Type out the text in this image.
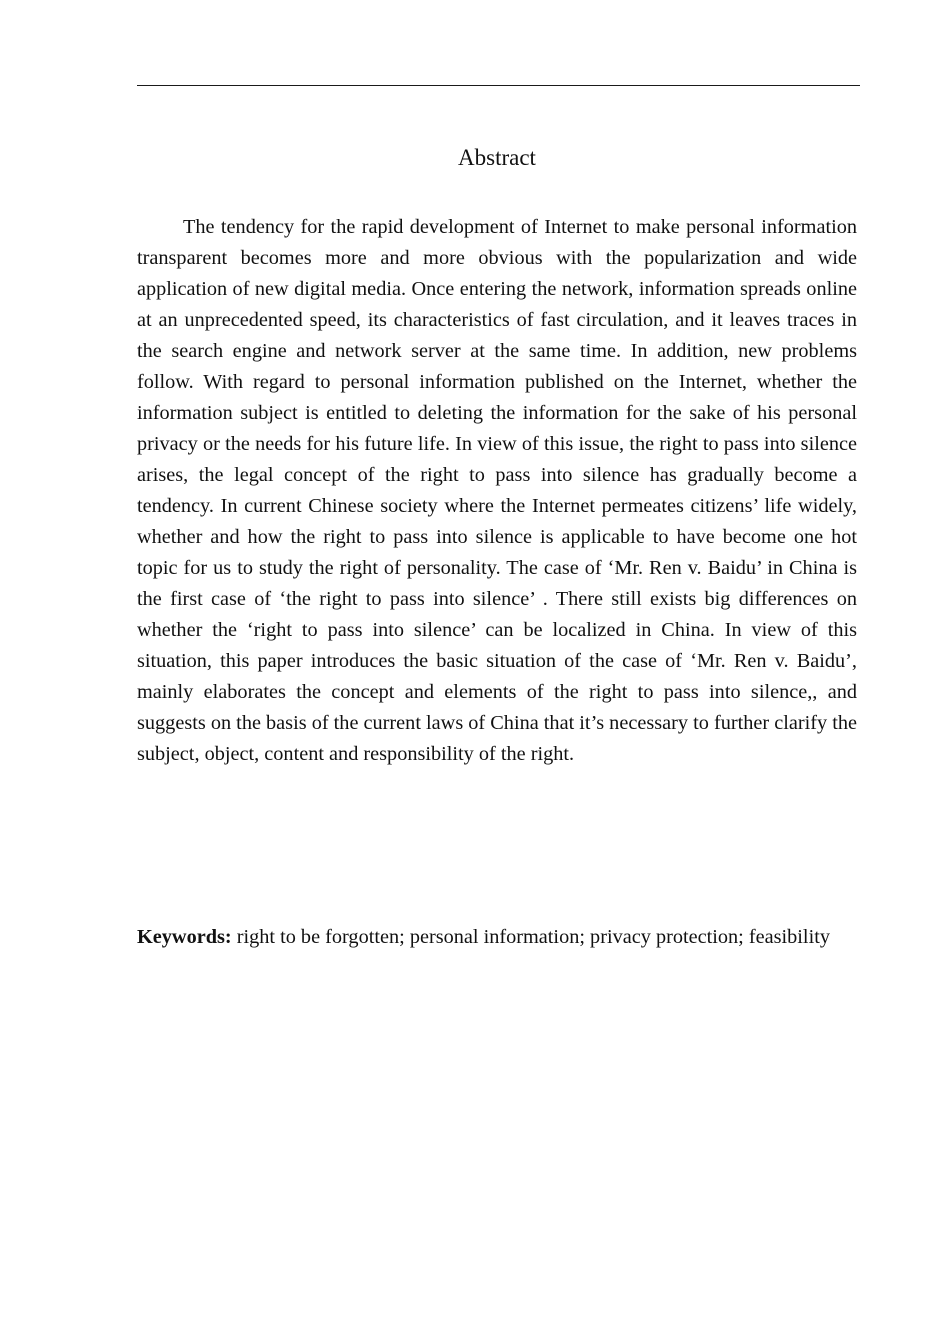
Abstract

The tendency for the rapid development of Internet to make personal information transparent becomes more and more obvious with the popularization and wide application of new digital media. Once entering the network, information spreads online at an unprecedented speed, its characteristics of fast circulation, and it leaves traces in the search engine and network server at the same time. In addition, new problems follow. With regard to personal information published on the Internet, whether the information subject is entitled to deleting the information for the sake of his personal privacy or the needs for his future life. In view of this issue, the right to pass into silence arises, the legal concept of the right to pass into silence has gradually become a tendency. In current Chinese society where the Internet permeates citizens’ life widely, whether and how the right to pass into silence is applicable to have become one hot topic for us to study the right of personality. The case of ‘Mr. Ren v. Baidu’ in China is the first case of ‘the right to pass into silence’ . There still exists big differences on whether the ‘right to pass into silence’ can be localized in China. In view of this situation, this paper introduces the basic situation of the case of ‘Mr. Ren v. Baidu’, mainly elaborates the concept and elements of the right to pass into silence,, and suggests on the basis of the current laws of China that it’s necessary to further clarify the subject, object, content and responsibility of the right.

Keywords: right to be forgotten; personal information; privacy protection; feasibility
